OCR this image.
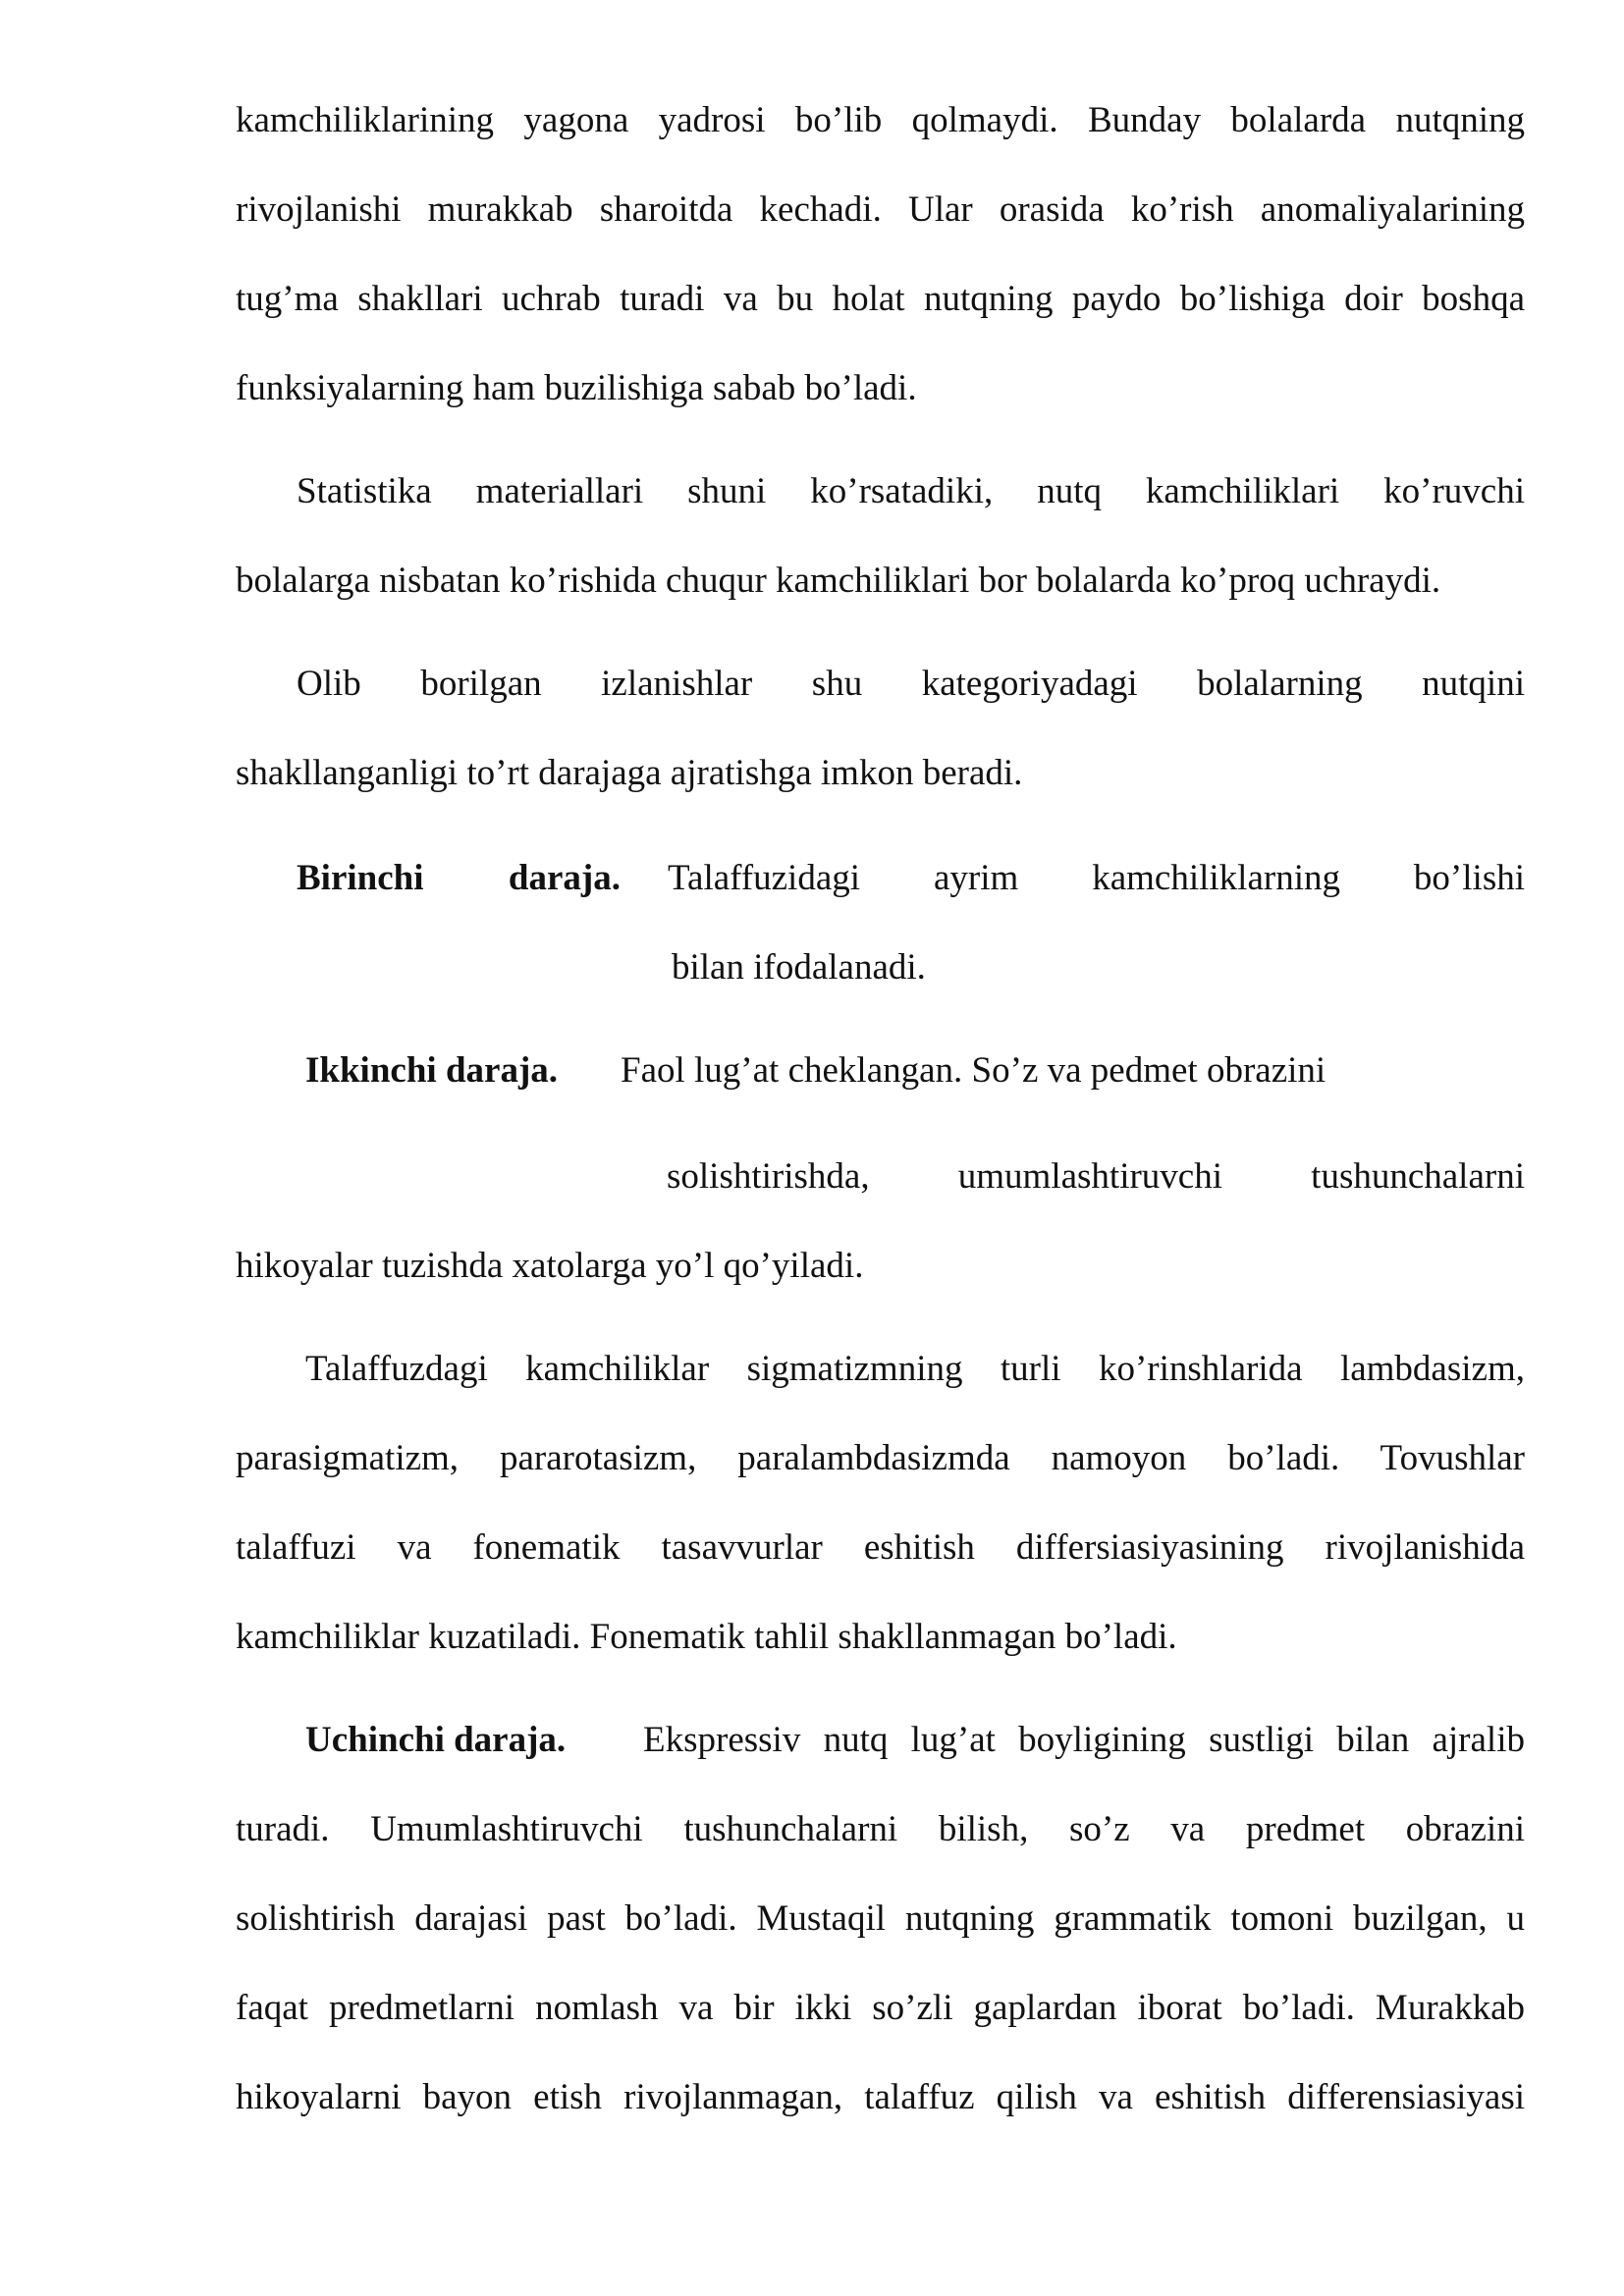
kamchiliklarining yagona yadrosi bo’lib qolmaydi. Bunday bolalarda nutqning
rivojlanishi murakkab sharoitda kechadi. Ular orasida ko’rish anomaliyalarining
tug’ma shakllari uchrab turadi va bu holat nutqning paydo bo’lishiga doir boshqa
funksiyalarning ham buzilishiga sabab bo’ladi.
Statistika materiallari shuni ko’rsatadiki, nutq kamchiliklari ko’ruvchi
bolalarga nisbatan ko’rishida chuqur kamchiliklari bor bolalarda ko’proq uchraydi.
Olib borilgan izlanishlar shu kategoriyadagi bolalarning nutqini
shakllanganligi to’rt darajaga ajratishga imkon beradi.
Birinchi daraja. Talaffuzidagi ayrim kamchiliklarning bo’lishi
bilan ifodalanadi.
Ikkinchi daraja. Faol lug’at cheklangan. So’z va pedmet obrazini
solishtirishda, umumlashtiruvchi tushunchalarni
hikoyalar tuzishda xatolarga yo’l qo’yiladi.
Talaffuzdagi kamchiliklar sigmatizmning turli ko’rinshlarida lambdasizm,
parasigmatizm, pararotasizm, paralambdasizmda namoyon bo’ladi. Tovushlar
talaffuzi va fonematik tasavvurlar eshitish differsiasiyasining rivojlanishida
kamchiliklar kuzatiladi. Fonematik tahlil shakllanmagan bo’ladi.
Uchinchi daraja. Ekspressiv nutq lug’at boyligining sustligi bilan ajralib
turadi. Umumlashtiruvchi tushunchalarni bilish, so’z va predmet obrazini
solishtirish darajasi past bo’ladi. Mustaqil nutqning grammatik tomoni buzilgan, u
faqat predmetlarni nomlash va bir ikki so’zli gaplardan iborat bo’ladi. Murakkab
hikoyalarni bayon etish rivojlanmagan, talaffuz qilish va eshitish differensiasiyasi
